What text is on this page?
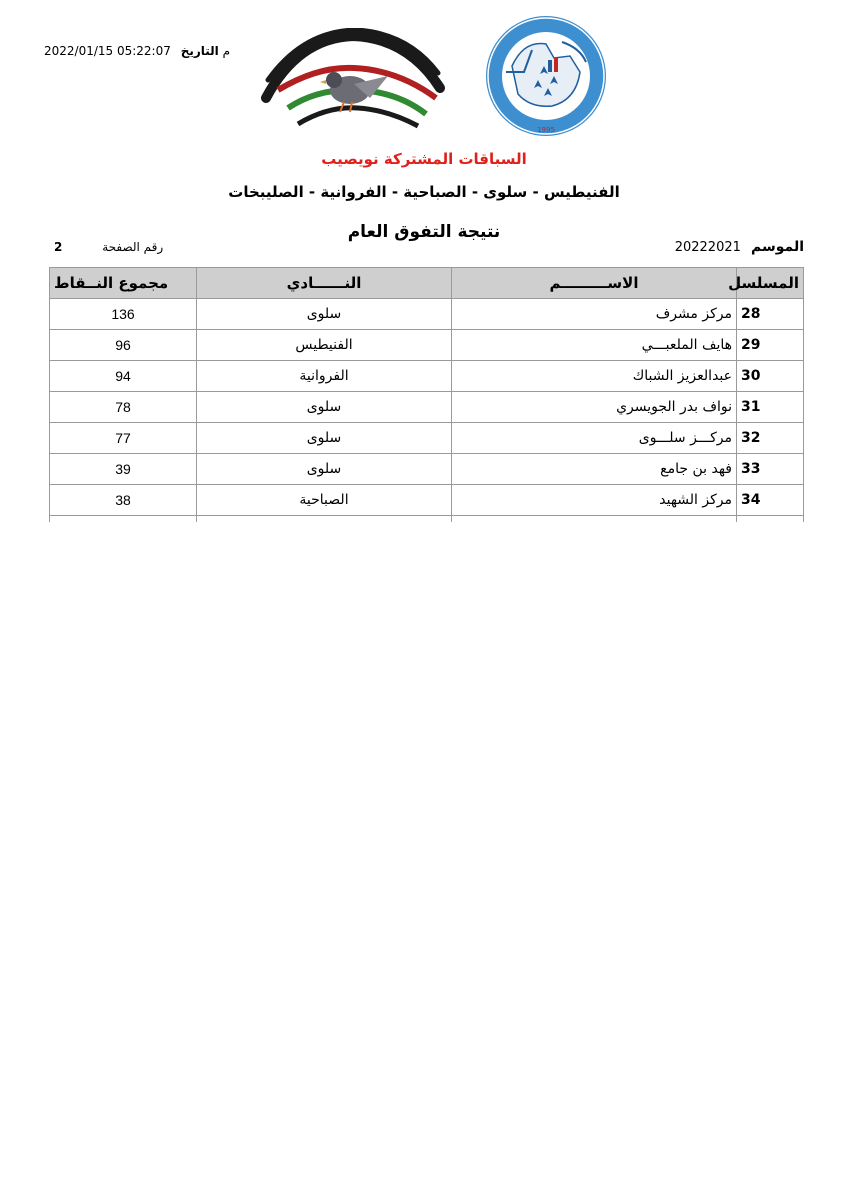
2022/01/15 05:22:07 م التاريخ
1995
السباقات المشتركة نويصيب
الفنيطيس - سلوى - الصباحية - الفروانية - الصليبخات
نتيجة التفوق العام
20222021 الموسم
2	رقم الصفحة
المسلسل	الاســـــــــم	النــــــادي	مجموع النــقاط
28	مركز مشرف	سلوى	136
29	هايف الملعبـــي	الفنيطيس	96
30	عبدالعزيز الشباك	الفروانية	94
31	نواف بدر الجويسري	سلوى	78
32	مركـــز سلـــوى	سلوى	77
33	فهد بن جامع	سلوى	39
34	مركز الشهيد	الصباحية	38
